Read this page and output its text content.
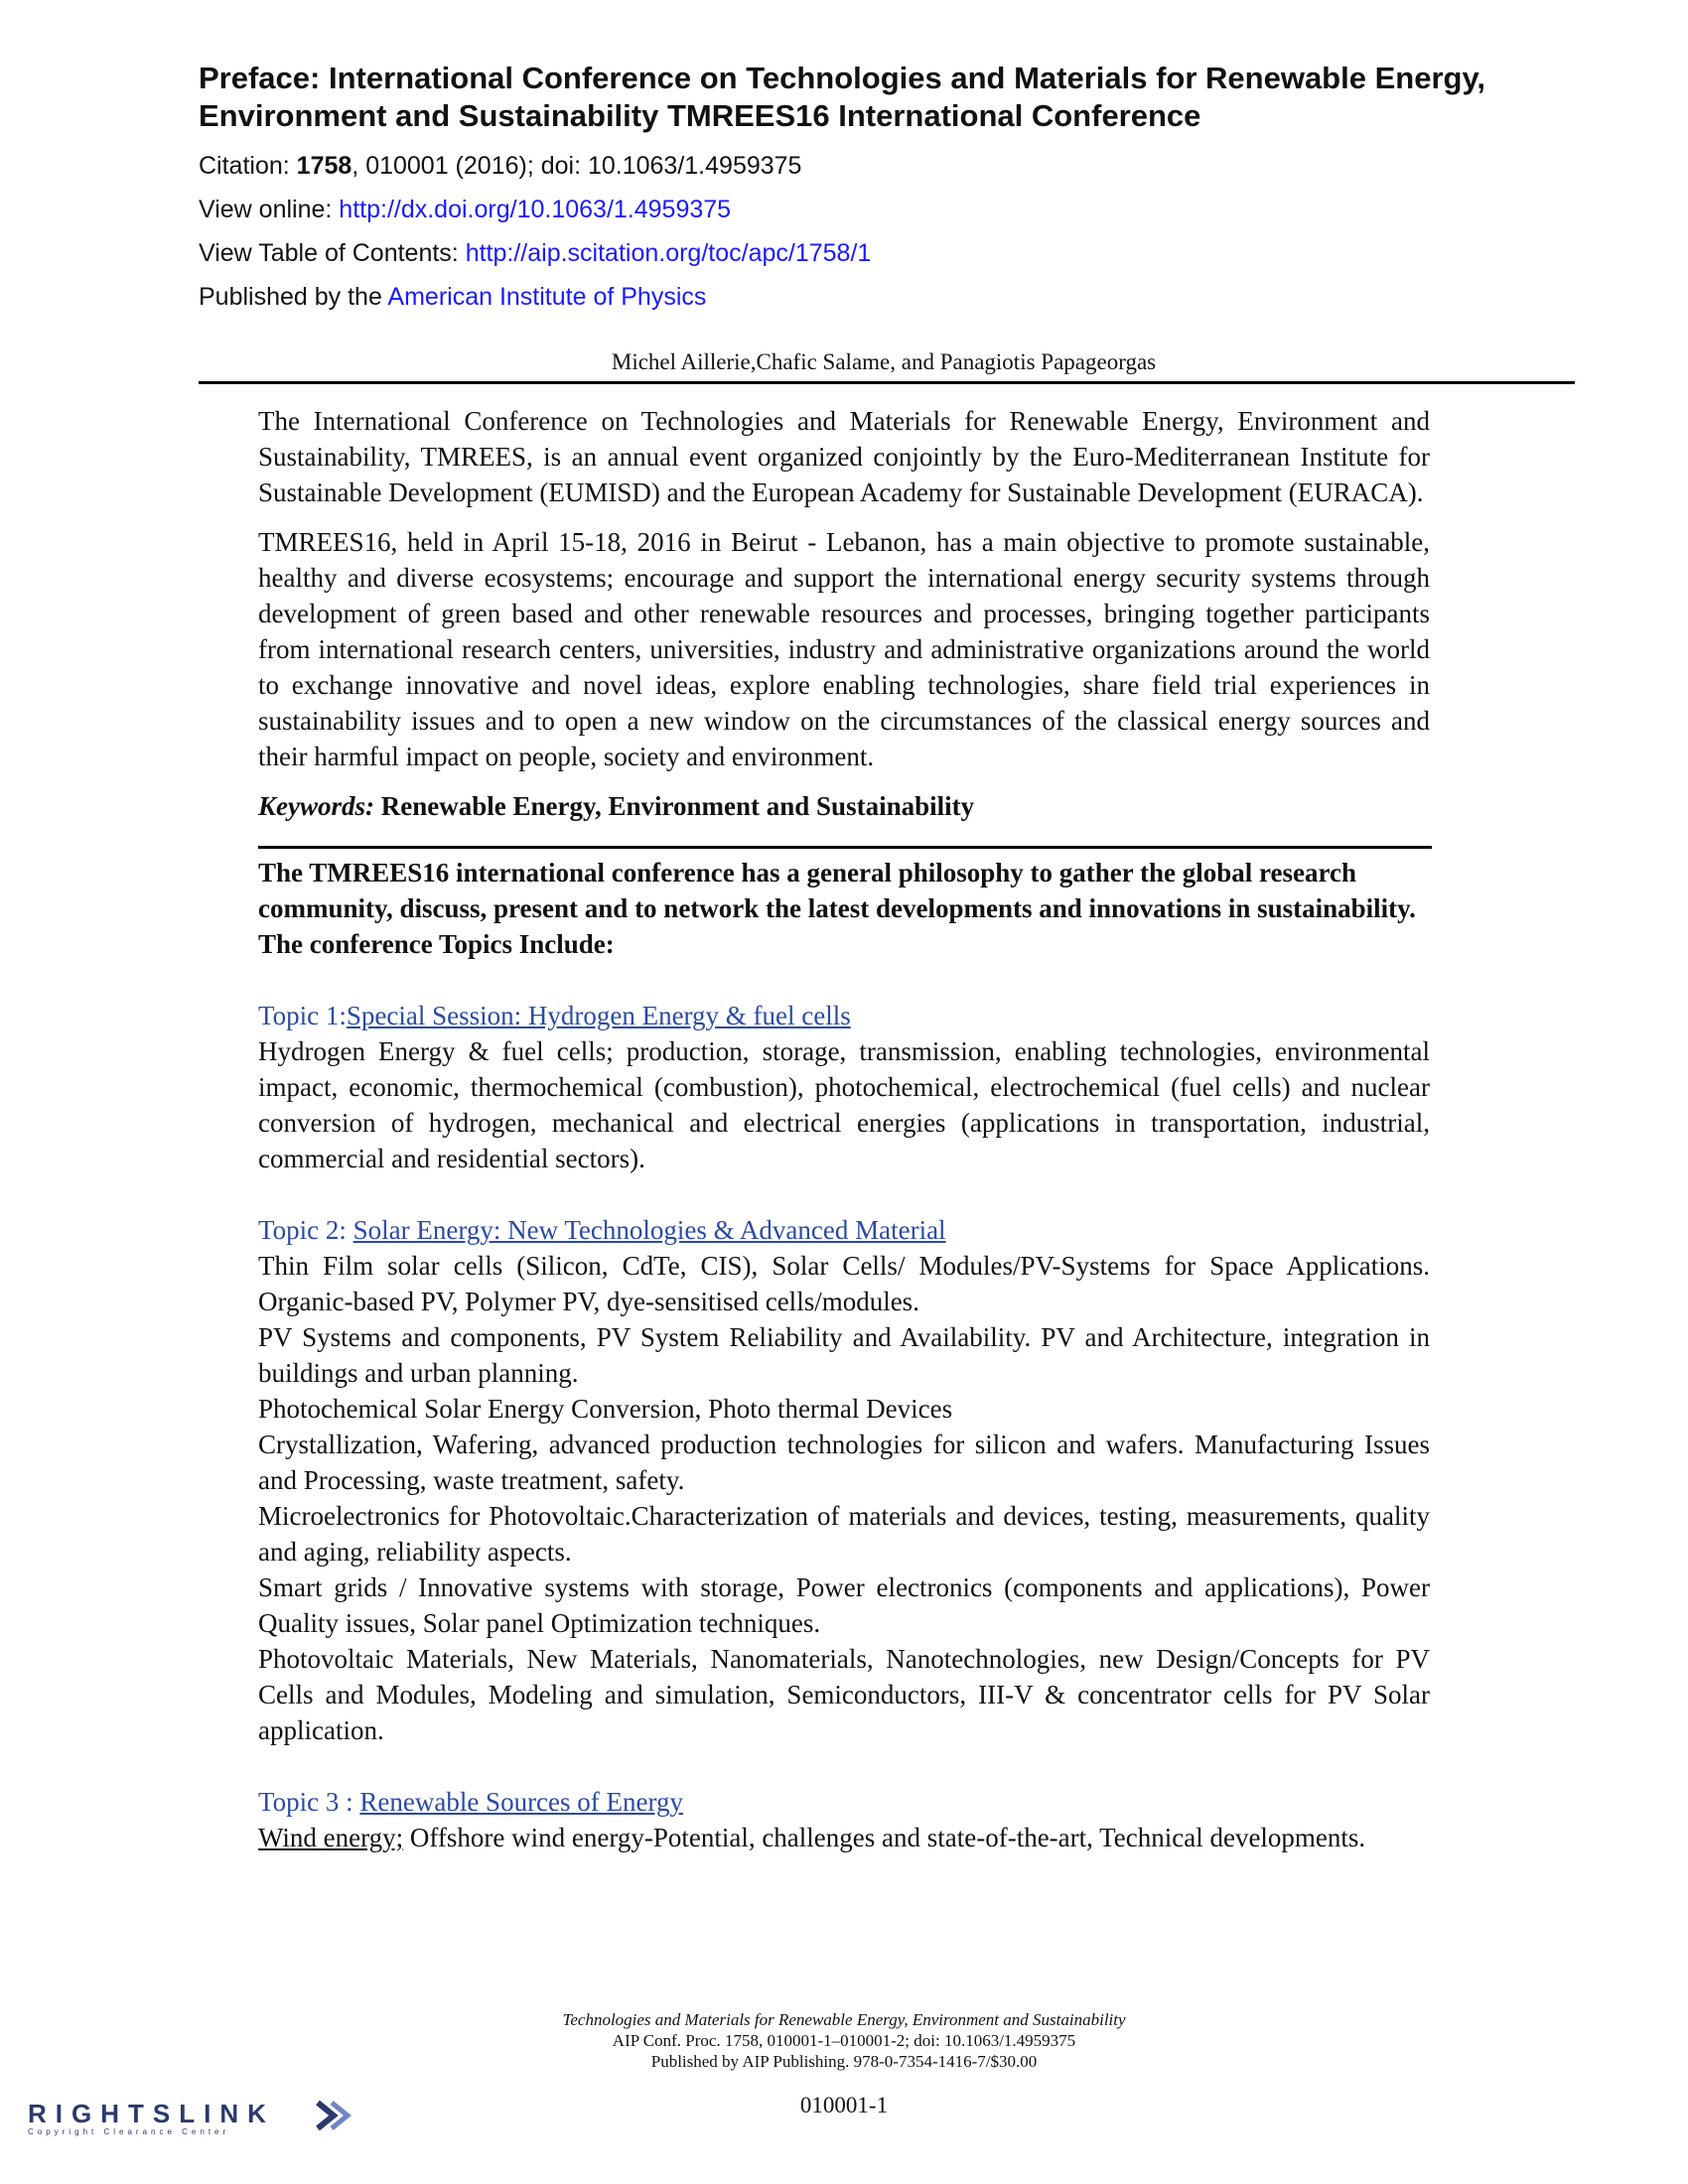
Preface: International Conference on Technologies and Materials for Renewable Energy, Environment and Sustainability TMREES16 International Conference
Citation: 1758, 010001 (2016); doi: 10.1063/1.4959375
View online: http://dx.doi.org/10.1063/1.4959375
View Table of Contents: http://aip.scitation.org/toc/apc/1758/1
Published by the American Institute of Physics
Michel Aillerie,Chafic Salame, and Panagiotis Papageorgas

The International Conference on Technologies and Materials for Renewable Energy, Environment and Sustainability, TMREES, is an annual event organized conjointly by the Euro-Mediterranean Institute for Sustainable Development (EUMISD) and the European Academy for Sustainable Development (EURACA).

TMREES16, held in April 15-18, 2016 in Beirut - Lebanon, has a main objective to promote sustainable, healthy and diverse ecosystems; encourage and support the international energy security systems through development of green based and other renewable resources and processes, bringing together participants from international research centers, universities, industry and administrative organizations around the world to exchange innovative and novel ideas, explore enabling technologies, share field trial experiences in sustainability issues and to open a new window on the circumstances of the classical energy sources and their harmful impact on people, society and environment.

Keywords: Renewable Energy, Environment and Sustainability

The TMREES16 international conference has a general philosophy to gather the global research community, discuss, present and to network the latest developments and innovations in sustainability. The conference Topics Include:

Topic 1:Special Session: Hydrogen Energy & fuel cells

Hydrogen Energy & fuel cells; production, storage, transmission, enabling technologies, environmental impact, economic, thermochemical (combustion), photochemical, electrochemical (fuel cells) and nuclear conversion of hydrogen, mechanical and electrical energies (applications in transportation, industrial, commercial and residential sectors).

Topic 2: Solar Energy: New Technologies & Advanced Material

Thin Film solar cells (Silicon, CdTe, CIS), Solar Cells/ Modules/PV-Systems for Space Applications. Organic-based PV, Polymer PV, dye-sensitised cells/modules.

PV Systems and components, PV System Reliability and Availability. PV and Architecture, integration in buildings and urban planning.

Photochemical Solar Energy Conversion, Photo thermal Devices

Crystallization, Wafering, advanced production technologies for silicon and wafers. Manufacturing Issues and Processing, waste treatment, safety.

Microelectronics for Photovoltaic.Characterization of materials and devices, testing, measurements, quality and aging, reliability aspects.

Smart grids / Innovative systems with storage, Power electronics (components and applications), Power Quality issues, Solar panel Optimization techniques.

Photovoltaic Materials, New Materials, Nanomaterials, Nanotechnologies, new Design/Concepts for PV Cells and Modules, Modeling and simulation, Semiconductors, III-V & concentrator cells for PV Solar application.

Topic 3 : Renewable Sources of Energy

Wind energy; Offshore wind energy-Potential, challenges and state-of-the-art, Technical developments.

Technologies and Materials for Renewable Energy, Environment and Sustainability
AIP Conf. Proc. 1758, 010001-1–010001-2; doi: 10.1063/1.4959375
Published by AIP Publishing. 978-0-7354-1416-7/$30.00
010001-1
RIGHTSLINK
Copyright Clearance Center
